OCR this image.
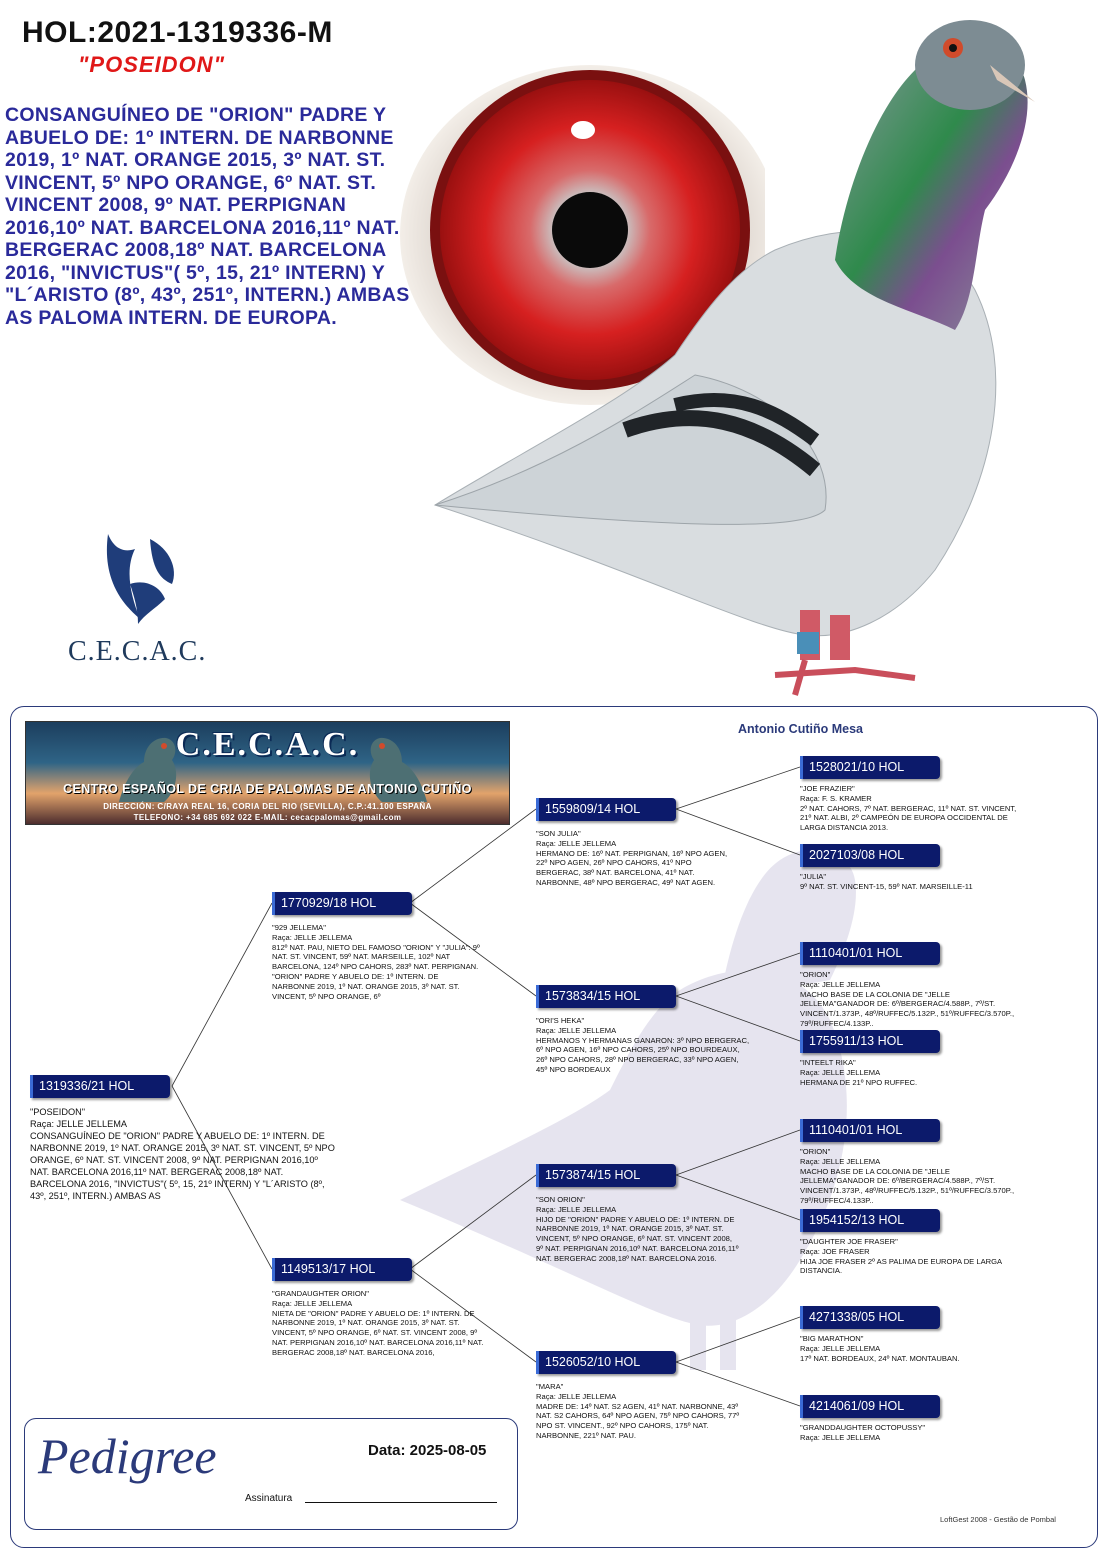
HOL:2021-1319336-M
"POSEIDON"
CONSANGUÍNEO DE "ORION" PADRE Y ABUELO DE: 1º INTERN. DE NARBONNE 2019, 1º NAT. ORANGE 2015, 3º NAT. ST. VINCENT, 5º NPO ORANGE, 6º NAT. ST. VINCENT 2008, 9º NAT. PERPIGNAN 2016,10º NAT. BARCELONA 2016,11º NAT. BERGERAC 2008,18º NAT. BARCELONA 2016, "INVICTUS"( 5º, 15, 21º INTERN) Y "L´ARISTO (8º, 43º, 251º, INTERN.) AMBAS AS PALOMA INTERN. DE EUROPA.
C.E.C.A.C.
C.E.C.A.C.
CENTRO ESPAÑOL DE CRIA DE PALOMAS DE ANTONIO CUTIÑO
DIRECCIÓN: C/RAYA REAL 16, CORIA DEL RIO (SEVILLA), C.P.:41.100 ESPAÑA
TELEFONO: +34 685 692 022 E-MAIL: cecacpalomas@gmail.com
Antonio Cutiño Mesa
1319336/21 HOL
"POSEIDON"
Raça: JELLE JELLEMA
CONSANGUÍNEO DE "ORION" PADRE Y ABUELO DE: 1º INTERN. DE NARBONNE 2019, 1º NAT. ORANGE 2015, 3º NAT. ST. VINCENT, 5º NPO ORANGE, 6º NAT. ST. VINCENT 2008, 9º NAT. PERPIGNAN 2016,10º NAT. BARCELONA 2016,11º NAT. BERGERAC 2008,18º NAT. BARCELONA 2016, "INVICTUS"( 5º, 15, 21º INTERN) Y "L´ARISTO (8º, 43º, 251º, INTERN.) AMBAS AS
1770929/18 HOL
"929 JELLEMA"
Raça: JELLE JELLEMA
812º NAT. PAU, NIETO DEL FAMOSO "ORION" Y "JULIA": 9º NAT. ST. VINCENT, 59º NAT. MARSEILLE, 102º NAT BARCELONA, 124º NPO CAHORS, 283º NAT. PERPIGNAN. "ORION" PADRE Y ABUELO DE: 1º INTERN. DE NARBONNE 2019, 1º NAT. ORANGE 2015, 3º NAT. ST. VINCENT, 5º NPO ORANGE, 6º
1149513/17 HOL
"GRANDAUGHTER ORION"
Raça: JELLE JELLEMA
NIETA DE "ORION" PADRE Y ABUELO DE: 1º INTERN. DE NARBONNE 2019, 1º NAT. ORANGE 2015, 3º NAT. ST. VINCENT, 5º NPO ORANGE, 6º NAT. ST. VINCENT 2008, 9º NAT. PERPIGNAN 2016,10º NAT. BARCELONA 2016,11º NAT. BERGERAC 2008,18º NAT. BARCELONA 2016,
1559809/14 HOL
"SON JULIA"
Raça: JELLE JELLEMA
HERMANO DE: 16º NAT. PERPIGNAN, 16º NPO AGEN, 22º NPO AGEN, 26º NPO CAHORS, 41º NPO BERGERAC, 38º NAT. BARCELONA, 41º NAT. NARBONNE, 48º NPO BERGERAC, 49º NAT AGEN.
1573834/15 HOL
"ORI'S HEKA"
Raça: JELLE JELLEMA
HERMANOS Y HERMANAS GANARON: 3º NPO BERGERAC, 6º NPO AGEN, 16º NPO CAHORS, 25º NPO BOURDEAUX, 26º NPO CAHORS, 28º NPO BERGERAC, 33º NPO AGEN, 45º NPO BORDEAUX
1573874/15 HOL
"SON ORION"
Raça: JELLE JELLEMA
HIJO DE "ORION" PADRE Y ABUELO DE: 1º INTERN. DE NARBONNE 2019, 1º NAT. ORANGE 2015, 3º NAT. ST. VINCENT, 5º NPO ORANGE, 6º NAT. ST. VINCENT 2008, 9º NAT. PERPIGNAN 2016,10º NAT. BARCELONA 2016,11º NAT. BERGERAC 2008,18º NAT. BARCELONA 2016.
1526052/10 HOL
"MARA"
Raça: JELLE JELLEMA
MADRE DE: 14º NAT. S2 AGEN, 41º NAT. NARBONNE, 43º NAT. S2 CAHORS, 64º NPO AGEN, 75º NPO CAHORS, 77º NPO ST. VINCENT., 92º NPO CAHORS, 175º NAT. NARBONNE, 221º NAT. PAU.
1528021/10 HOL
"JOE FRAZIER"
Raça: F. S. KRAMER
2º NAT. CAHORS, 7º NAT. BERGERAC, 11º NAT. ST. VINCENT, 21º NAT. ALBI, 2º CAMPEÓN DE EUROPA OCCIDENTAL DE LARGA DISTANCIA 2013.
2027103/08 HOL
"JULIA"
9º NAT. ST. VINCENT-15, 59º NAT. MARSEILLE-11
1110401/01 HOL
"ORION"
Raça: JELLE JELLEMA
MACHO BASE DE LA COLONIA DE "JELLE JELLEMA"GANADOR DE: 6º/BERGERAC/4.588P., 7º/ST. VINCENT/1.373P., 48º/RUFFEC/5.132P., 51º/RUFFEC/3.570P., 79º/RUFFEC/4.133P..
1755911/13 HOL
"INTEELT RIKA"
Raça: JELLE JELLEMA
HERMANA DE 21º NPO RUFFEC.
1110401/01 HOL
"ORION"
Raça: JELLE JELLEMA
MACHO BASE DE LA COLONIA DE "JELLE JELLEMA"GANADOR DE: 6º/BERGERAC/4.588P., 7º/ST. VINCENT/1.373P., 48º/RUFFEC/5.132P., 51º/RUFFEC/3.570P., 79º/RUFFEC/4.133P..
1954152/13 HOL
"DAUGHTER JOE FRASER"
Raça: JOE FRASER
HIJA JOE FRASER 2º AS PALIMA DE EUROPA DE LARGA DISTANCIA.
4271338/05 HOL
"BIG MARATHON"
Raça: JELLE JELLEMA
17º NAT. BORDEAUX, 24º NAT. MONTAUBAN.
4214061/09 HOL
"GRANDDAUGHTER OCTOPUSSY"
Raça: JELLE JELLEMA
Pedigree	Data: 2025-08-05
Assinatura
LoftGest 2008 - Gestão de Pombal
